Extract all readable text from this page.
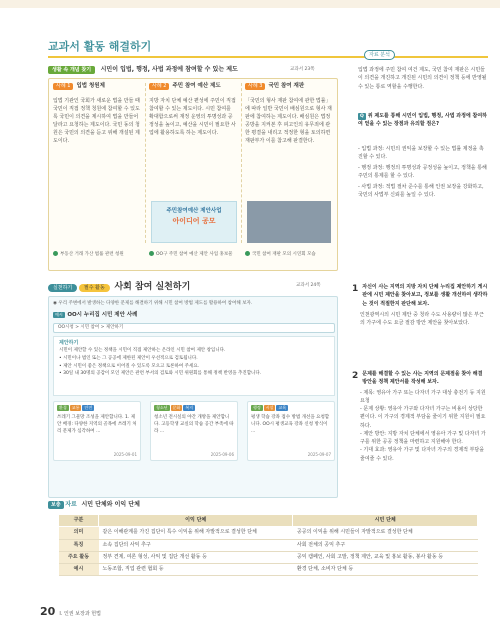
교과서 활동 해결하기
생활 속 개념 찾기 시민이 입법, 행정, 사법 과정에 참여할 수 있는 제도	교과서 23쪽
사례 1 입법 청원제
입법 기관인 국회가 새로운 법을 만들 때 국민이 직접 정책 청원에 참여할 수 있도록 국민이 의견을 제시하여 법을 만들어 달라고 요청하는 제도이다. 국민 동의 청원은 국민의 의견을 듣고 위해 개설된 제도이다.
사례 2 주민 참여 예산 제도
지방 자치 단체 예산 편성에 주민이 직접 참여할 수 있는 제도이다. 시민 참여를 확대함으로써 재정 운영의 투명성과 공정성을 높이고, 예산을 시민이 필요한 사업에 활용하도록 하는 제도이다.
주민참여예산 제안사업
아이디어 공모
사례 3 국민 참여 재판
「국민의 형사 재판 참여에 관한 법률」에 따라 일반 국민이 배심원으로 형사 재판에 참여하는 제도이다. 배심원은 법정 공방을 지켜본 후 피고인의 유무죄에 관한 평결을 내리고 적정한 형을 토의하면 재판부가 이를 참고해 판결한다.
부동산 거래 가산 법률 관련 청원	OO구 주민 참여 예산 제안 사업 홍보물	국민 참여 재판 모의 시연회 모습
자료 분석
입법 과정에 주민 참여 여건 제도, 국민 참여 재판은 시민들이 의견을 개진하고 개진된 시민의 의견이 정책 등에 반영될 수 있는 통로 역할을 수행한다.
Q 위 제도를 통해 시민이 입법, 행정, 사법 과정에 참여하여 얻을 수 있는 장점과 유의할 점은?
- 입법 과정: 시민의 권익을 보장할 수 있는 법률 제정을 촉진할 수 있다.
- 행정 과정: 행정의 투명성과 공정성을 높이고, 정책을 통해 주민의 통제를 할 수 있다.
- 사법 과정: 적법 절차 준수를 통해 인권 보장을 강화하고, 국민의 사법부 신뢰를 높일 수 있다.
실천하기 필수 활동 사회 참여 실천하기	교과서 24쪽
◉ 우리 주변에서 발생하는 다양한 문제를 해결하기 위해 시민 참여 방법 제도를 활용하여 참여해 보자.
예시 OO시 누리집 시민 제안 사례
OO시청 > 시민 참여 > 제안하기
제안하기
시민이 제안할 수 있는 정책을 시민이 직접 제안하는 온라인 시민 참여 제안 창입니다.
• 시민이나 법인 또는 그 공공에 제한된 제안이 우선적으로 검토됩니다.
• 제안 시민이 좋은 정책으로 이어질 수 있도록 모으고 토론하여 주세요.
• 30일 내 30명의 공감이 모인 제안은 관련 부서의 검토와 시민 위원회를 통해 정책 반영을 추진합니다.
환경 교통 안전
쓰레기 그물망 조성을 제안합니다. 1. 제안 배경: 다양한 지역의 골목에 쓰레기 처리 문제가 심각하여 ...
2025-09-01
청소년 문화 복지
청소년 전시실의 야간 개방을 제안합니다. 고등학생 교실의 학습 공간 부족에 따라 ...
2025-09-06
행정 시설 교육
평생 학습 강좌 접수 방법 개선을 요청합니다. OO시 평생교육 강좌 신청 방식이 ...
2025-09-07
1 자신이 사는 지역의 지방 자치 단체 누리집 제안하기 게시판에 시민 제안을 찾아보고, 정보를 생활 개선하여 생각하는 것이 적절한지 판단해 보자.
인천광역시의 시민 제안 중 청라 수도 사용량이 많은 부근의 가구에 수도 요금 절감 방안 제안을 찾아보았다.
2 문제를 해결할 수 있는 사는 지역의 문제점을 찾아 해결 방안을 정책 제안서를 작성해 보자.
- 제목: 영유아 가구 또는 다자녀 가구 대상 충전기 등 지원 요청
- 문제 상황: 영유아 가구와 다자녀 가구는 비용이 상당한 편이다. 이 가구의 경제적 부담을 줄이기 위한 지원이 필요하다.
- 제안 방안: 지방 자치 단체에서 영유아 가구 및 다자녀 가구를 위한 공공 정책을 마련하고 지원해야 한다.
- 기대 효과: 영유아 가구 및 다자녀 가구의 경제적 부담을 줄여줄 수 있다.
보충 자료 시민 단체와 이익 단체
구분	이익 단체	시민 단체
의미	같은 이해관계를 가진 집단이 특수 이익을 위해 자발적으로 결성한 단체	공공의 이익을 위해 시민들이 자발적으로 결성한 단체
특징	소속 집단의 사익 추구	사회 전체의 공익 추구
주요 활동	정부 견제, 여론 형성, 사익 및 집단 개선 활동 등	공익 캠페인, 사회 고발, 정책 제안, 교육 및 홍보 활동, 봉사 활동 등
예시	노동조합, 직업 관련 협회 등	환경 단체, 소비자 단체 등
20 I. 인권 보장과 헌법
